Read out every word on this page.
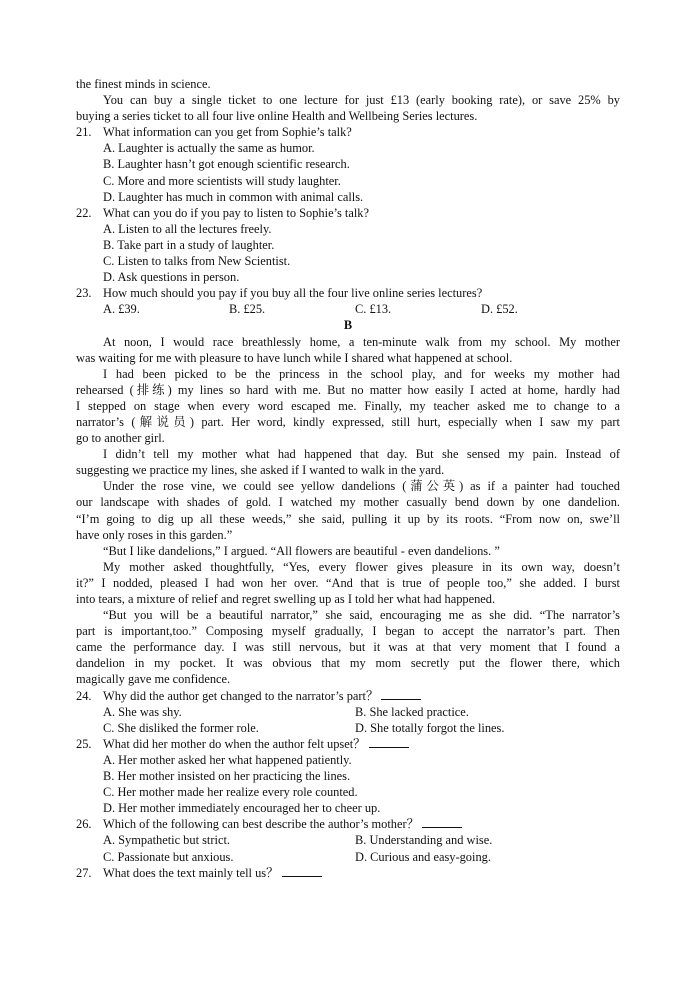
the finest minds in science.
You can buy a single ticket to one lecture for just £13 (early booking rate), or save 25% by
buying a series ticket to all four live online Health and Wellbeing Series lectures.
21. What information can you get from Sophie’s talk?
A. Laughter is actually the same as humor.
B. Laughter hasn’t got enough scientific research.
C. More and more scientists will study laughter.
D. Laughter has much in common with animal calls.
22. What can you do if you pay to listen to Sophie’s talk?
A. Listen to all the lectures freely.
B. Take part in a study of laughter.
C. Listen to talks from New Scientist.
D. Ask questions in person.
23. How much should you pay if you buy all the four live online series lectures?
A. £39.	B. £25.	C. £13.	D. £52.
B
At noon, I would race breathlessly home, a ten-minute walk from my school. My mother
was waiting for me with pleasure to have lunch while I shared what happened at school.
I had been picked to be the princess in the school play, and for weeks my mother had
rehearsed (排练) my lines so hard with me. But no matter how easily I acted at home, hardly had
I stepped on stage when every word escaped me. Finally, my teacher asked me to change to a
narrator’s (解说员) part. Her word, kindly expressed, still hurt, especially when I saw my part
go to another girl.
I didn’t tell my mother what had happened that day. But she sensed my pain. Instead of
suggesting we practice my lines, she asked if I wanted to walk in the yard.
Under the rose vine, we could see yellow dandelions (蒲公英) as if a painter had touched
our landscape with shades of gold. I watched my mother casually bend down by one dandelion.
“I’m going to dig up all these weeds,” she said, pulling it up by its roots. “From now on, swe’ll
have only roses in this garden.”
“But I like dandelions,” I argued. “All flowers are beautiful - even dandelions. ”
My mother asked thoughtfully, “Yes, every flower gives pleasure in its own way, doesn’t
it?” I nodded, pleased I had won her over. “And that is true of people too,” she added. I burst
into tears, a mixture of relief and regret swelling up as I told her what had happened.
“But you will be a beautiful narrator,” she said, encouraging me as she did. “The narrator’s
part is important,too.” Composing myself gradually, I began to accept the narrator’s part. Then
came the performance day. I was still nervous, but it was at that very moment that I found a
dandelion in my pocket. It was obvious that my mom secretly put the flower there, which
magically gave me confidence.
24. Why did the author get changed to the narrator’s part？
A. She was shy.	B. She lacked practice.
C. She disliked the former role.	D. She totally forgot the lines.
25. What did her mother do when the author felt upset？
A. Her mother asked her what happened patiently.
B. Her mother insisted on her practicing the lines.
C. Her mother made her realize every role counted.
D. Her mother immediately encouraged her to cheer up.
26. Which of the following can best describe the author’s mother？
A. Sympathetic but strict.	B. Understanding and wise.
C. Passionate but anxious.	D. Curious and easy-going.
27. What does the text mainly tell us？
